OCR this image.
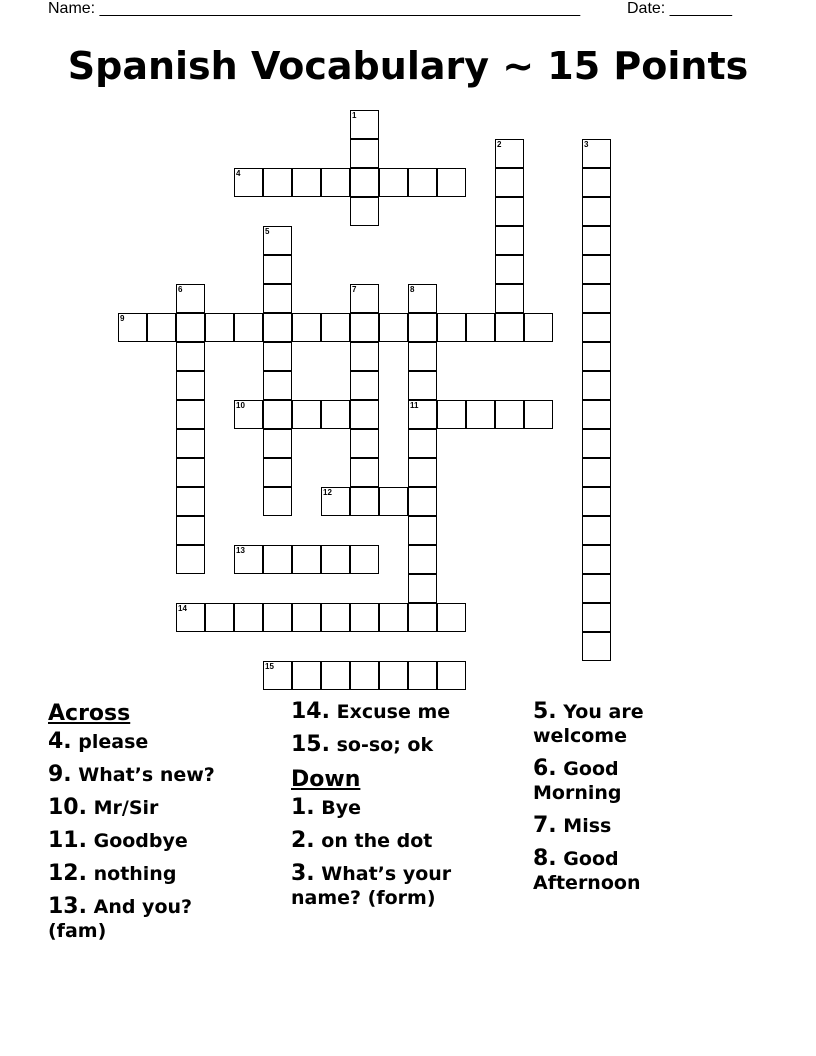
Name: ______________________________________________________	Date: _______
Spanish Vocabulary ~ 15 Points
1
2	3
4
5
6	7	8
11
9
10
12
13
14
15
Across
4. please
9. What’s new?
10. Mr/Sir
11. Goodbye
12. nothing
13. And you? (fam)
14. Excuse me
15. so-so; ok
Down
1. Bye
2. on the dot
3. What’s your name? (form)
5. You are welcome
6. Good Morning
7. Miss
8. Good Afternoon
